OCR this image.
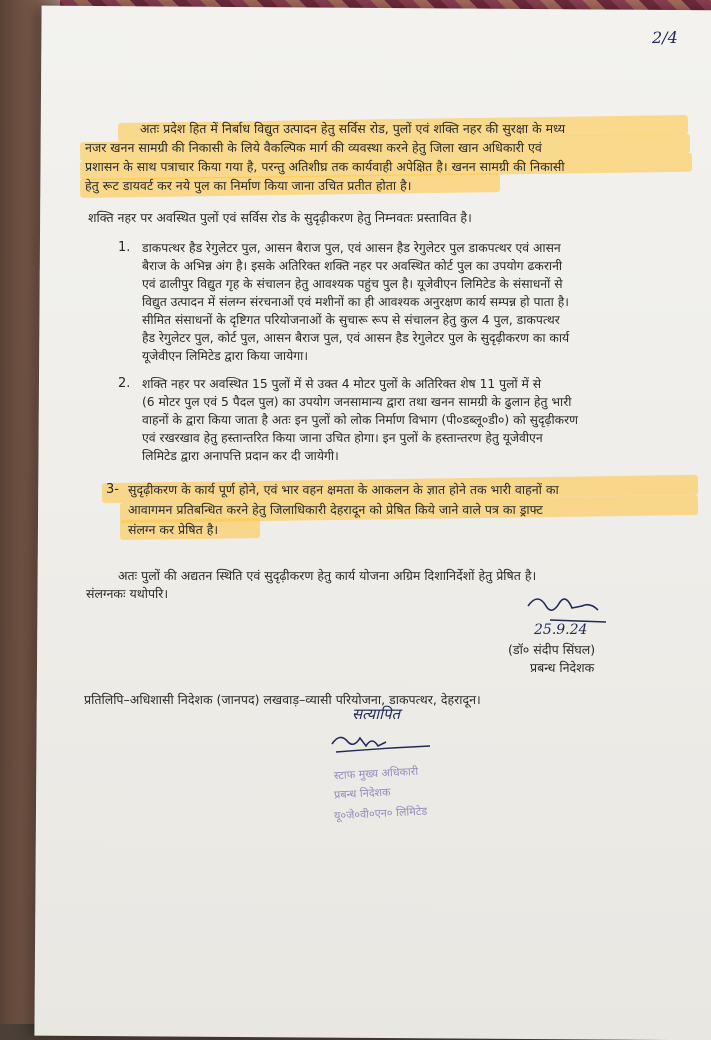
2/4
अतः प्रदेश हित में निर्बाध विद्युत उत्पादन हेतु सर्विस रोड, पुलों एवं शक्ति नहर की सुरक्षा के मध्य
नजर खनन सामग्री की निकासी के लिये वैकल्पिक मार्ग की व्यवस्था करने हेतु जिला खान अधिकारी एवं
प्रशासन के साथ पत्राचार किया गया है, परन्तु अतिशीघ्र तक कार्यवाही अपेक्षित है। खनन सामग्री की निकासी
हेतु रूट डायवर्ट कर नये पुल का निर्माण किया जाना उचित प्रतीत होता है।
शक्ति नहर पर अवस्थित पुलों एवं सर्विस रोड के सुदृढ़ीकरण हेतु निम्नवतः प्रस्तावित है।
1. डाकपत्थर हैड रेगुलेटर पुल, आसन बैराज पुल, एवं आसन हैड रेगुलेटर पुल डाकपत्थर एवं आसन
बैराज के अभिन्न अंग है। इसके अतिरिक्त शक्ति नहर पर अवस्थित कोर्ट पुल का उपयोग ढकरानी
एवं ढालीपुर विद्युत गृह के संचालन हेतु आवश्यक पहुंच पुल है। यूजेवीएन लिमिटेड के संसाधनों से
विद्युत उत्पादन में संलग्न संरचनाओं एवं मशीनों का ही आवश्यक अनुरक्षण कार्य सम्पन्न हो पाता है।
सीमित संसाधनों के दृष्टिगत परियोजनाओं के सुचारू रूप से संचालन हेतु कुल 4 पुल, डाकपत्थर
हैड रेगुलेटर पुल, कोर्ट पुल, आसन बैराज पुल, एवं आसन हैड रेगुलेटर पुल के सुदृढ़ीकरण का कार्य
यूजेवीएन लिमिटेड द्वारा किया जायेगा।
2. शक्ति नहर पर अवस्थित 15 पुलों में से उक्त 4 मोटर पुलों के अतिरिक्त शेष 11 पुलों में से
(6 मोटर पुल एवं 5 पैदल पुल) का उपयोग जनसामान्य द्वारा तथा खनन सामग्री के ढुलान हेतु भारी
वाहनों के द्वारा किया जाता है अतः इन पुलों को लोक निर्माण विभाग (पी०डब्लू०डी०) को सुदृढ़ीकरण
एवं रखरखाव हेतु हस्तान्तरित किया जाना उचित होगा। इन पुलों के हस्तान्तरण हेतु यूजेवीएन
लिमिटेड द्वारा अनापत्ति प्रदान कर दी जायेगी।
3- सुदृढ़ीकरण के कार्य पूर्ण होने, एवं भार वहन क्षमता के आकलन के ज्ञात होने तक भारी वाहनों का
आवागमन प्रतिबन्धित करने हेतु जिलाधिकारी देहरादून को प्रेषित किये जाने वाले पत्र का ड्राफ्ट
संलग्न कर प्रेषित है।
अतः पुलों की अद्यतन स्थिति एवं सुदृढ़ीकरण हेतु कार्य योजना अग्रिम दिशानिर्देशों हेतु प्रेषित है।
संलग्नकः यथोपरि।
25.9.24
(डॉ० संदीप सिंघल)
प्रबन्ध निदेशक
प्रतिलिपि–अधिशासी निदेशक (जानपद) लखवाड़–व्यासी परियोजना, डाकपत्थर, देहरादून।
सत्यापित
स्टाफ मुख्य अधिकारी
प्रबन्ध निदेशक
यू०जे०वी०एन० लिमिटेड
